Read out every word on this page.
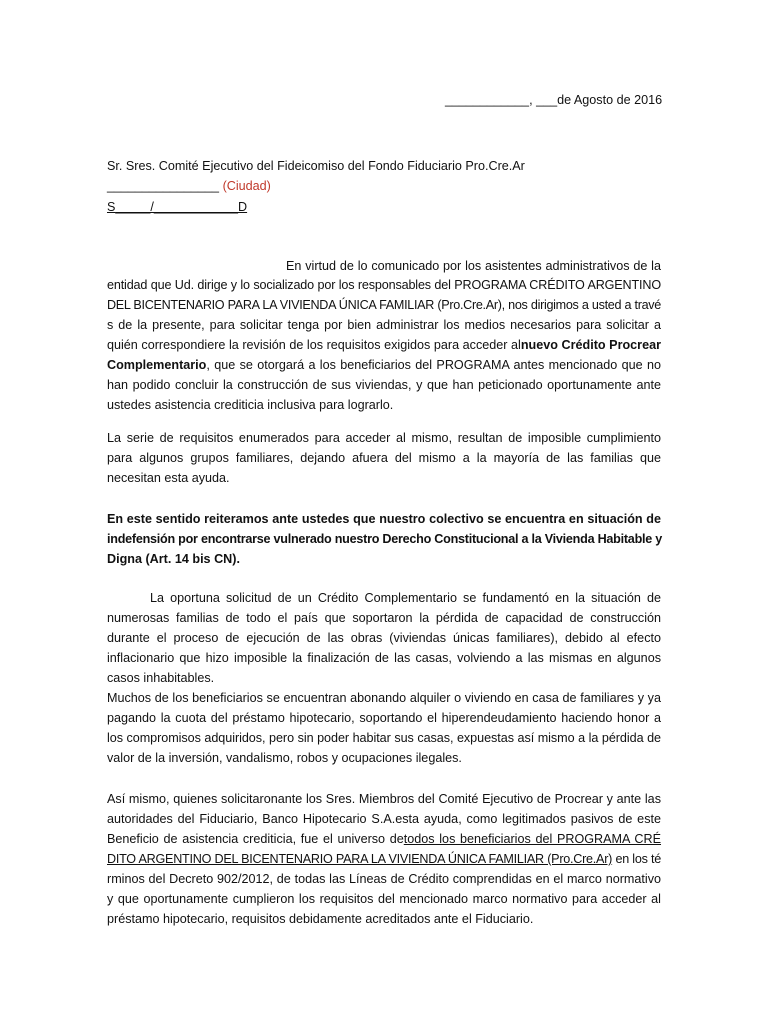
____________, ___de Agosto de 2016
Sr. Sres. Comité Ejecutivo del Fideicomiso del Fondo Fiduciario Pro.Cre.Ar
________________ (Ciudad)
S_____/____________D
En virtud de lo comunicado por los asistentes administrativos de la
entidad que Ud. dirige y lo socializado por los responsables del PROGRAMA CRÉDITO ARGENTINO
DEL BICENTENARIO PARA LA VIVIENDA ÚNICA FAMILIAR (Pro.Cre.Ar), nos dirigimos a usted a travé
s de la presente, para solicitar tenga por bien administrar los medios necesarios para solicitar a
quién correspondiere la revisión de los requisitos exigidos para acceder alnuevo Crédito Procrear
Complementario, que se otorgará a los beneficiarios del PROGRAMA antes mencionado que no
han podido concluir la construcción de sus viviendas, y que han peticionado oportunamente ante
ustedes asistencia crediticia inclusiva para lograrlo.
La serie de requisitos enumerados para acceder al mismo, resultan de imposible cumplimiento
para algunos grupos familiares, dejando afuera del mismo a la mayoría de las familias que
necesitan esta ayuda.
En este sentido reiteramos ante ustedes que nuestro colectivo se encuentra en situación de
indefensión por encontrarse vulnerado nuestro Derecho Constitucional a la Vivienda Habitable y
Digna (Art. 14 bis CN).
La oportuna solicitud de un Crédito Complementario se fundamentó en la situación de
numerosas familias de todo el país que soportaron la pérdida de capacidad de construcción
durante el proceso de ejecución de las obras (viviendas únicas familiares), debido al efecto
inflacionario que hizo imposible la finalización de las casas, volviendo a las mismas en algunos
casos inhabitables.
Muchos de los beneficiarios se encuentran abonando alquiler o viviendo en casa de familiares y ya
pagando la cuota del préstamo hipotecario, soportando el hiperendeudamiento haciendo honor a
los compromisos adquiridos, pero sin poder habitar sus casas, expuestas así mismo a la pérdida de
valor de la inversión, vandalismo, robos y ocupaciones ilegales.
Así mismo, quienes solicitaronante los Sres. Miembros del Comité Ejecutivo de Procrear y ante las
autoridades del Fiduciario, Banco Hipotecario S.A.esta ayuda, como legitimados pasivos de este
Beneficio de asistencia crediticia, fue el universo detodos los beneficiarios del PROGRAMA CRÉ
DITO ARGENTINO DEL BICENTENARIO PARA LA VIVIENDA ÚNICA FAMILIAR (Pro.Cre.Ar) en los té
rminos del Decreto 902/2012, de todas las Líneas de Crédito comprendidas en el marco normativo
y que oportunamente cumplieron los requisitos del mencionado marco normativo para acceder al
préstamo hipotecario, requisitos debidamente acreditados ante el Fiduciario.
